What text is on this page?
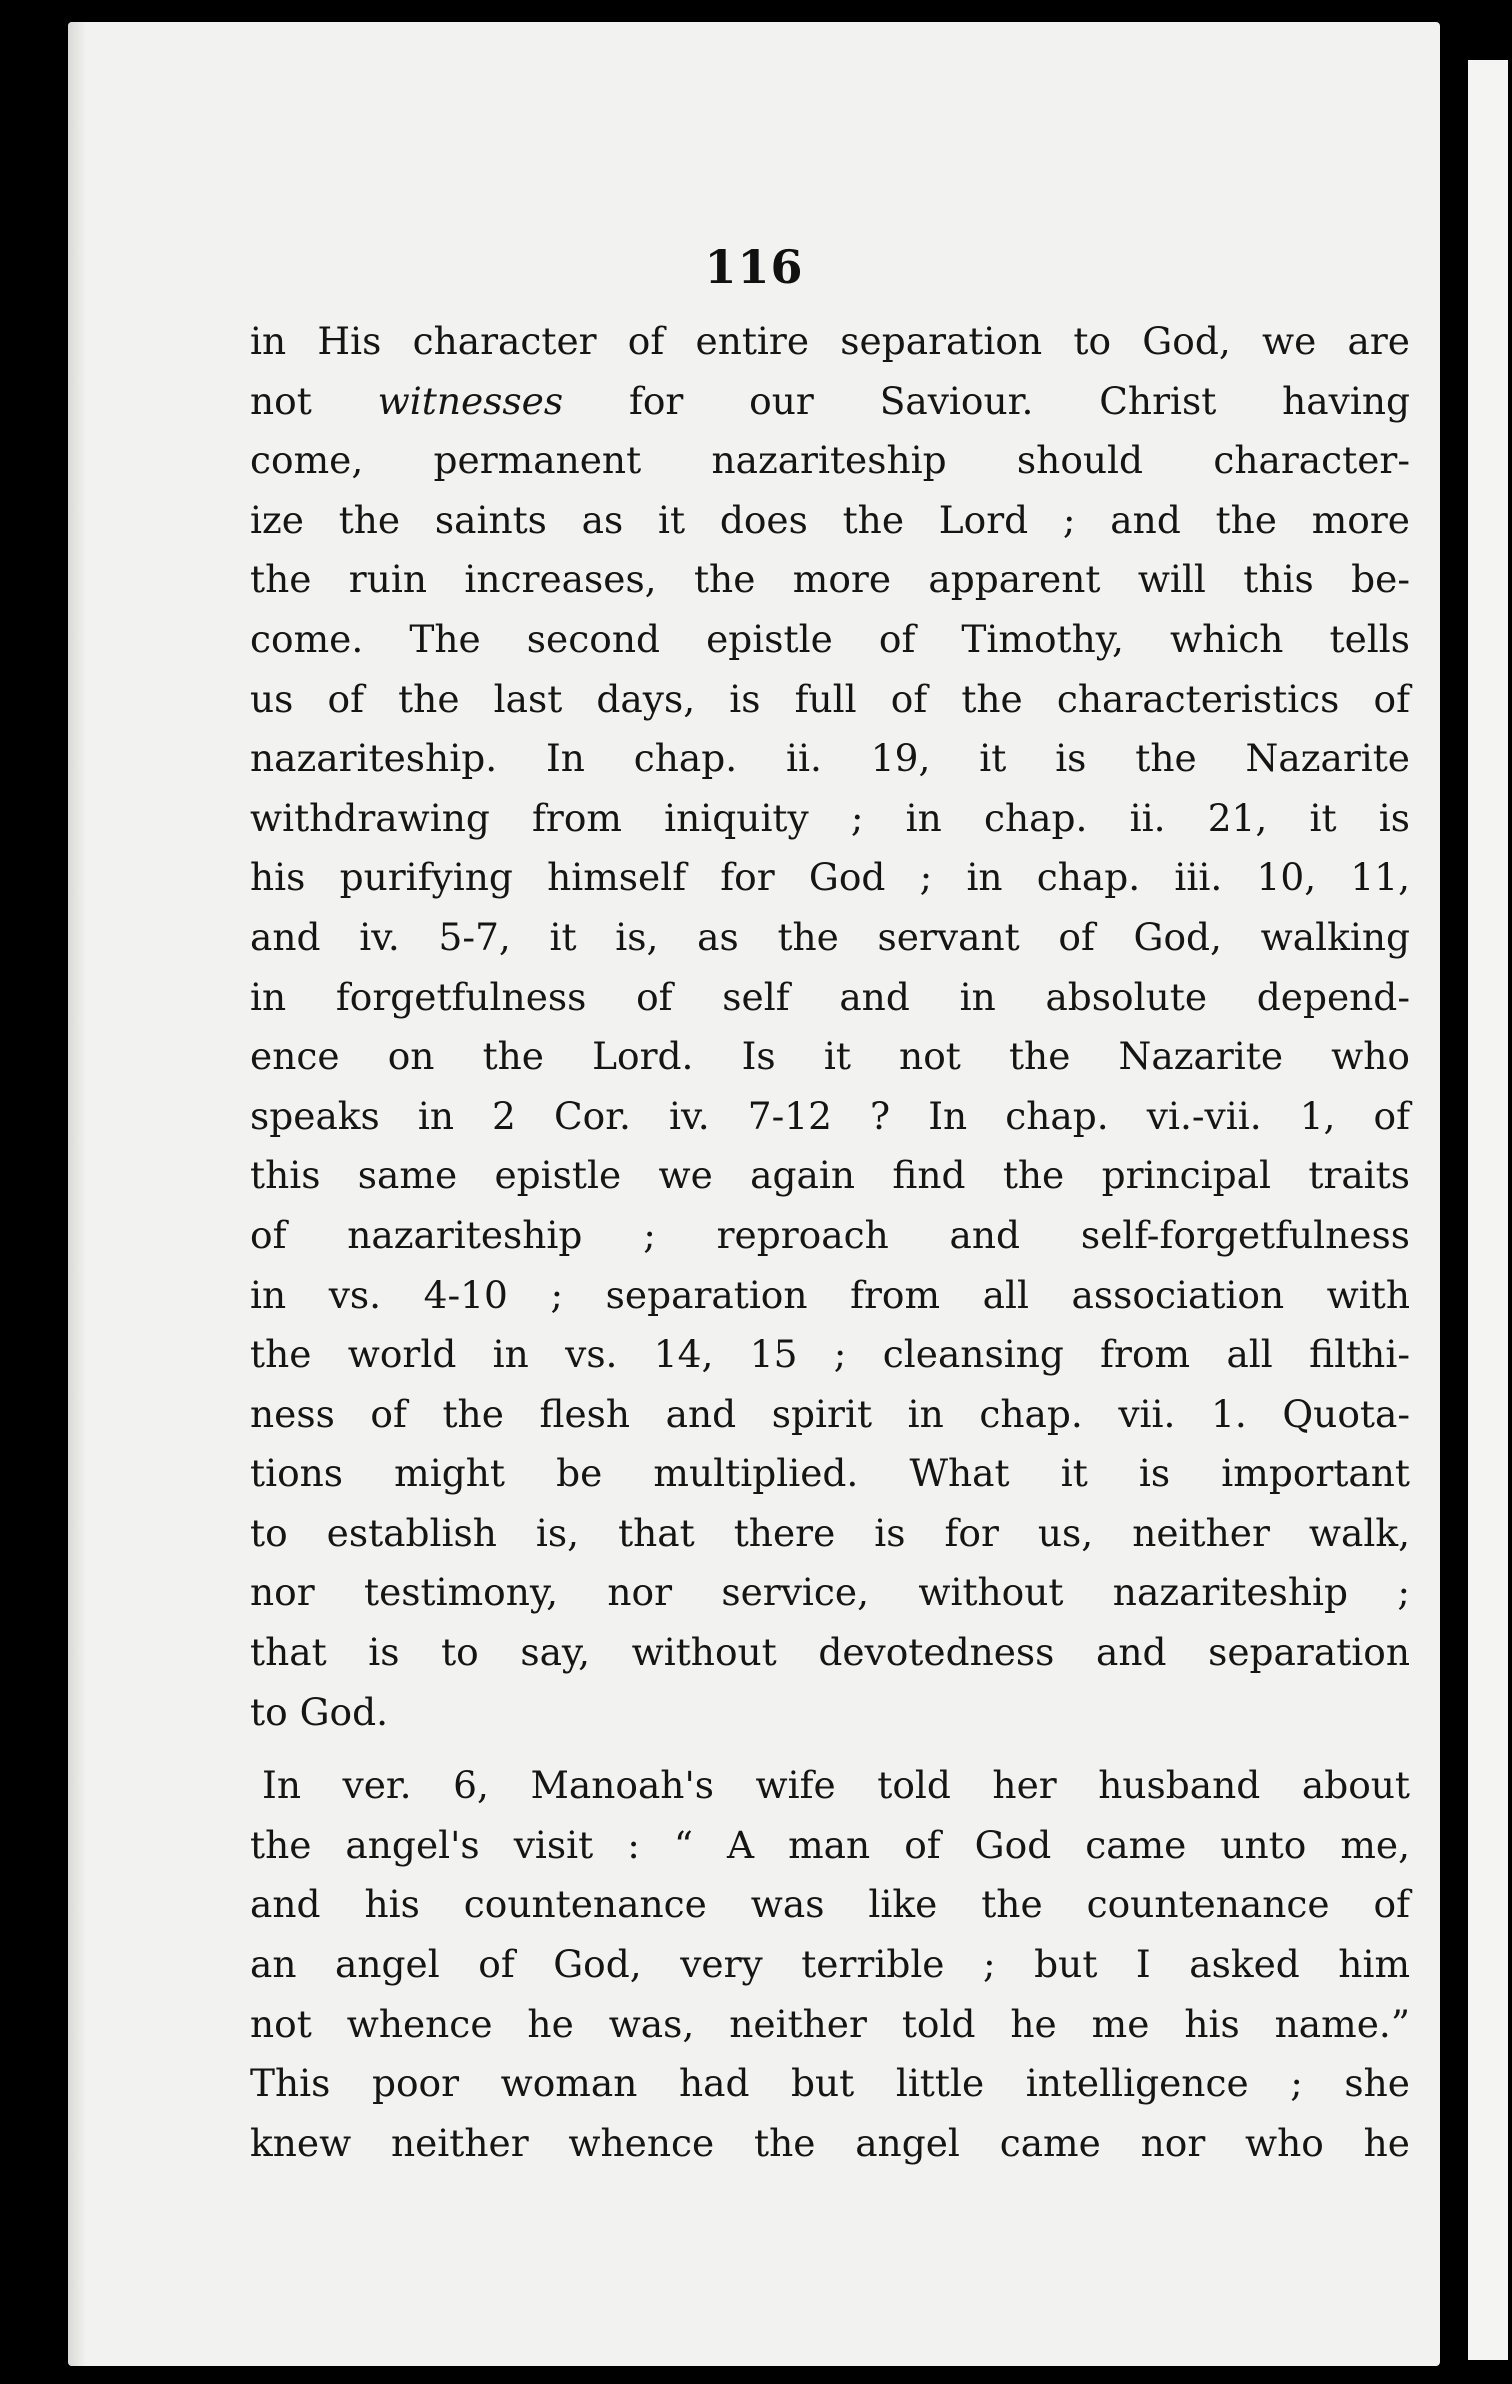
116
in His character of entire separation to God, we are
not witnesses for our Saviour. Christ having
come, permanent nazariteship should character-
ize the saints as it does the Lord ; and the more
the ruin increases, the more apparent will this be-
come. The second epistle of Timothy, which tells
us of the last days, is full of the characteristics of
nazariteship. In chap. ii. 19, it is the Nazarite
withdrawing from iniquity ; in chap. ii. 21, it is
his purifying himself for God ; in chap. iii. 10, 11,
and iv. 5-7, it is, as the servant of God, walking
in forgetfulness of self and in absolute depend-
ence on the Lord. Is it not the Nazarite who
speaks in 2 Cor. iv. 7-12 ? In chap. vi.-vii. 1, of
this same epistle we again find the principal traits
of nazariteship ; reproach and self-forgetfulness
in vs. 4-10 ; separation from all association with
the world in vs. 14, 15 ; cleansing from all filthi-
ness of the flesh and spirit in chap. vii. 1. Quota-
tions might be multiplied. What it is important
to establish is, that there is for us, neither walk,
nor testimony, nor service, without nazariteship ;
that is to say, without devotedness and separation
to God.
In ver. 6, Manoah's wife told her husband about
the angel's visit : “ A man of God came unto me,
and his countenance was like the countenance of
an angel of God, very terrible ; but I asked him
not whence he was, neither told he me his name.”
This poor woman had but little intelligence ; she
knew neither whence the angel came nor who he
